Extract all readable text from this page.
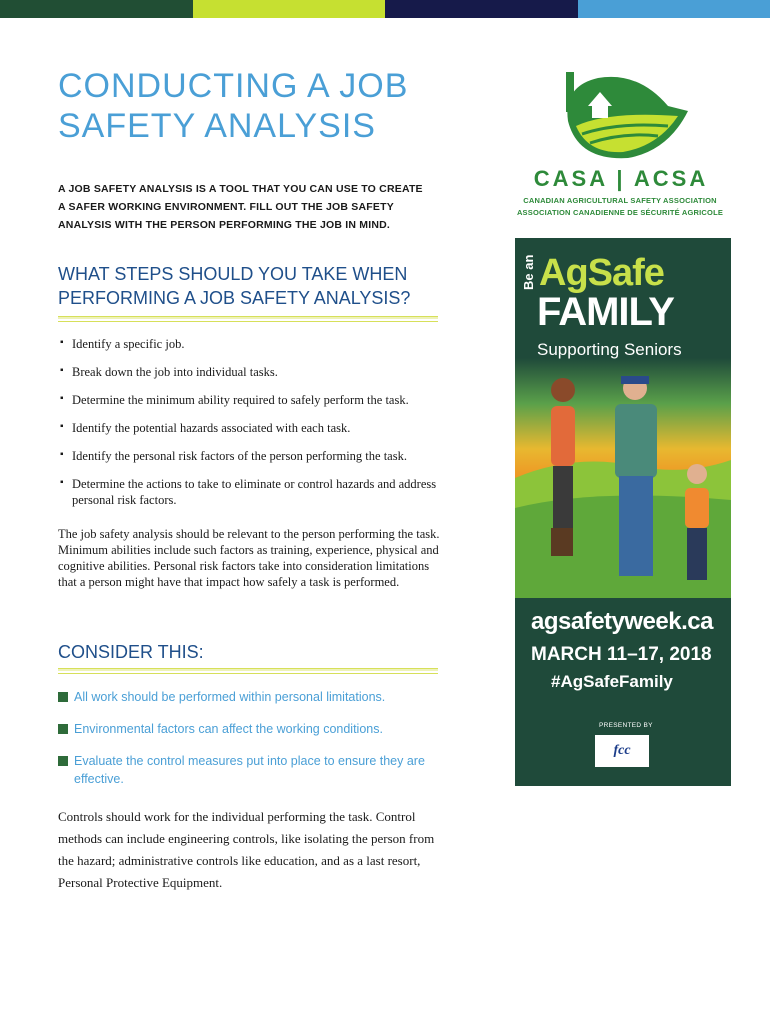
CONDUCTING A JOB SAFETY ANALYSIS
A JOB SAFETY ANALYSIS IS A TOOL THAT YOU CAN USE TO CREATE A SAFER WORKING ENVIRONMENT. FILL OUT THE JOB SAFETY ANALYSIS WITH THE PERSON PERFORMING THE JOB IN MIND.
WHAT STEPS SHOULD YOU TAKE WHEN PERFORMING A JOB SAFETY ANALYSIS?
▪ Identify a specific job.
▪ Break down the job into individual tasks.
▪ Determine the minimum ability required to safely perform the task.
▪ Identify the potential hazards associated with each task.
▪ Identify the personal risk factors of the person performing the task.
▪ Determine the actions to take to eliminate or control hazards and address personal risk factors.

The job safety analysis should be relevant to the person performing the task. Minimum abilities include such factors as training, experience, physical and cognitive abilities. Personal risk factors take into consideration limitations that a person might have that impact how safely a task is performed.

CONSIDER THIS:
All work should be performed within personal limitations.
Environmental factors can affect the working conditions.
Evaluate the control measures put into place to ensure they are effective.

Controls should work for the individual performing the task. Control methods can include engineering controls, like isolating the person from the hazard; administrative controls like education, and as a last resort, Personal Protective Equipment.

CASA | ACSA
CANADIAN AGRICULTURAL SAFETY ASSOCIATION
ASSOCIATION CANADIENNE DE SÉCURITÉ AGRICOLE
Be an AgSafe
FAMILY
Supporting Seniors
agsafetyweek.ca
MARCH 11–17, 2018
#AgSafeFamily
PRESENTED BY
fcc
